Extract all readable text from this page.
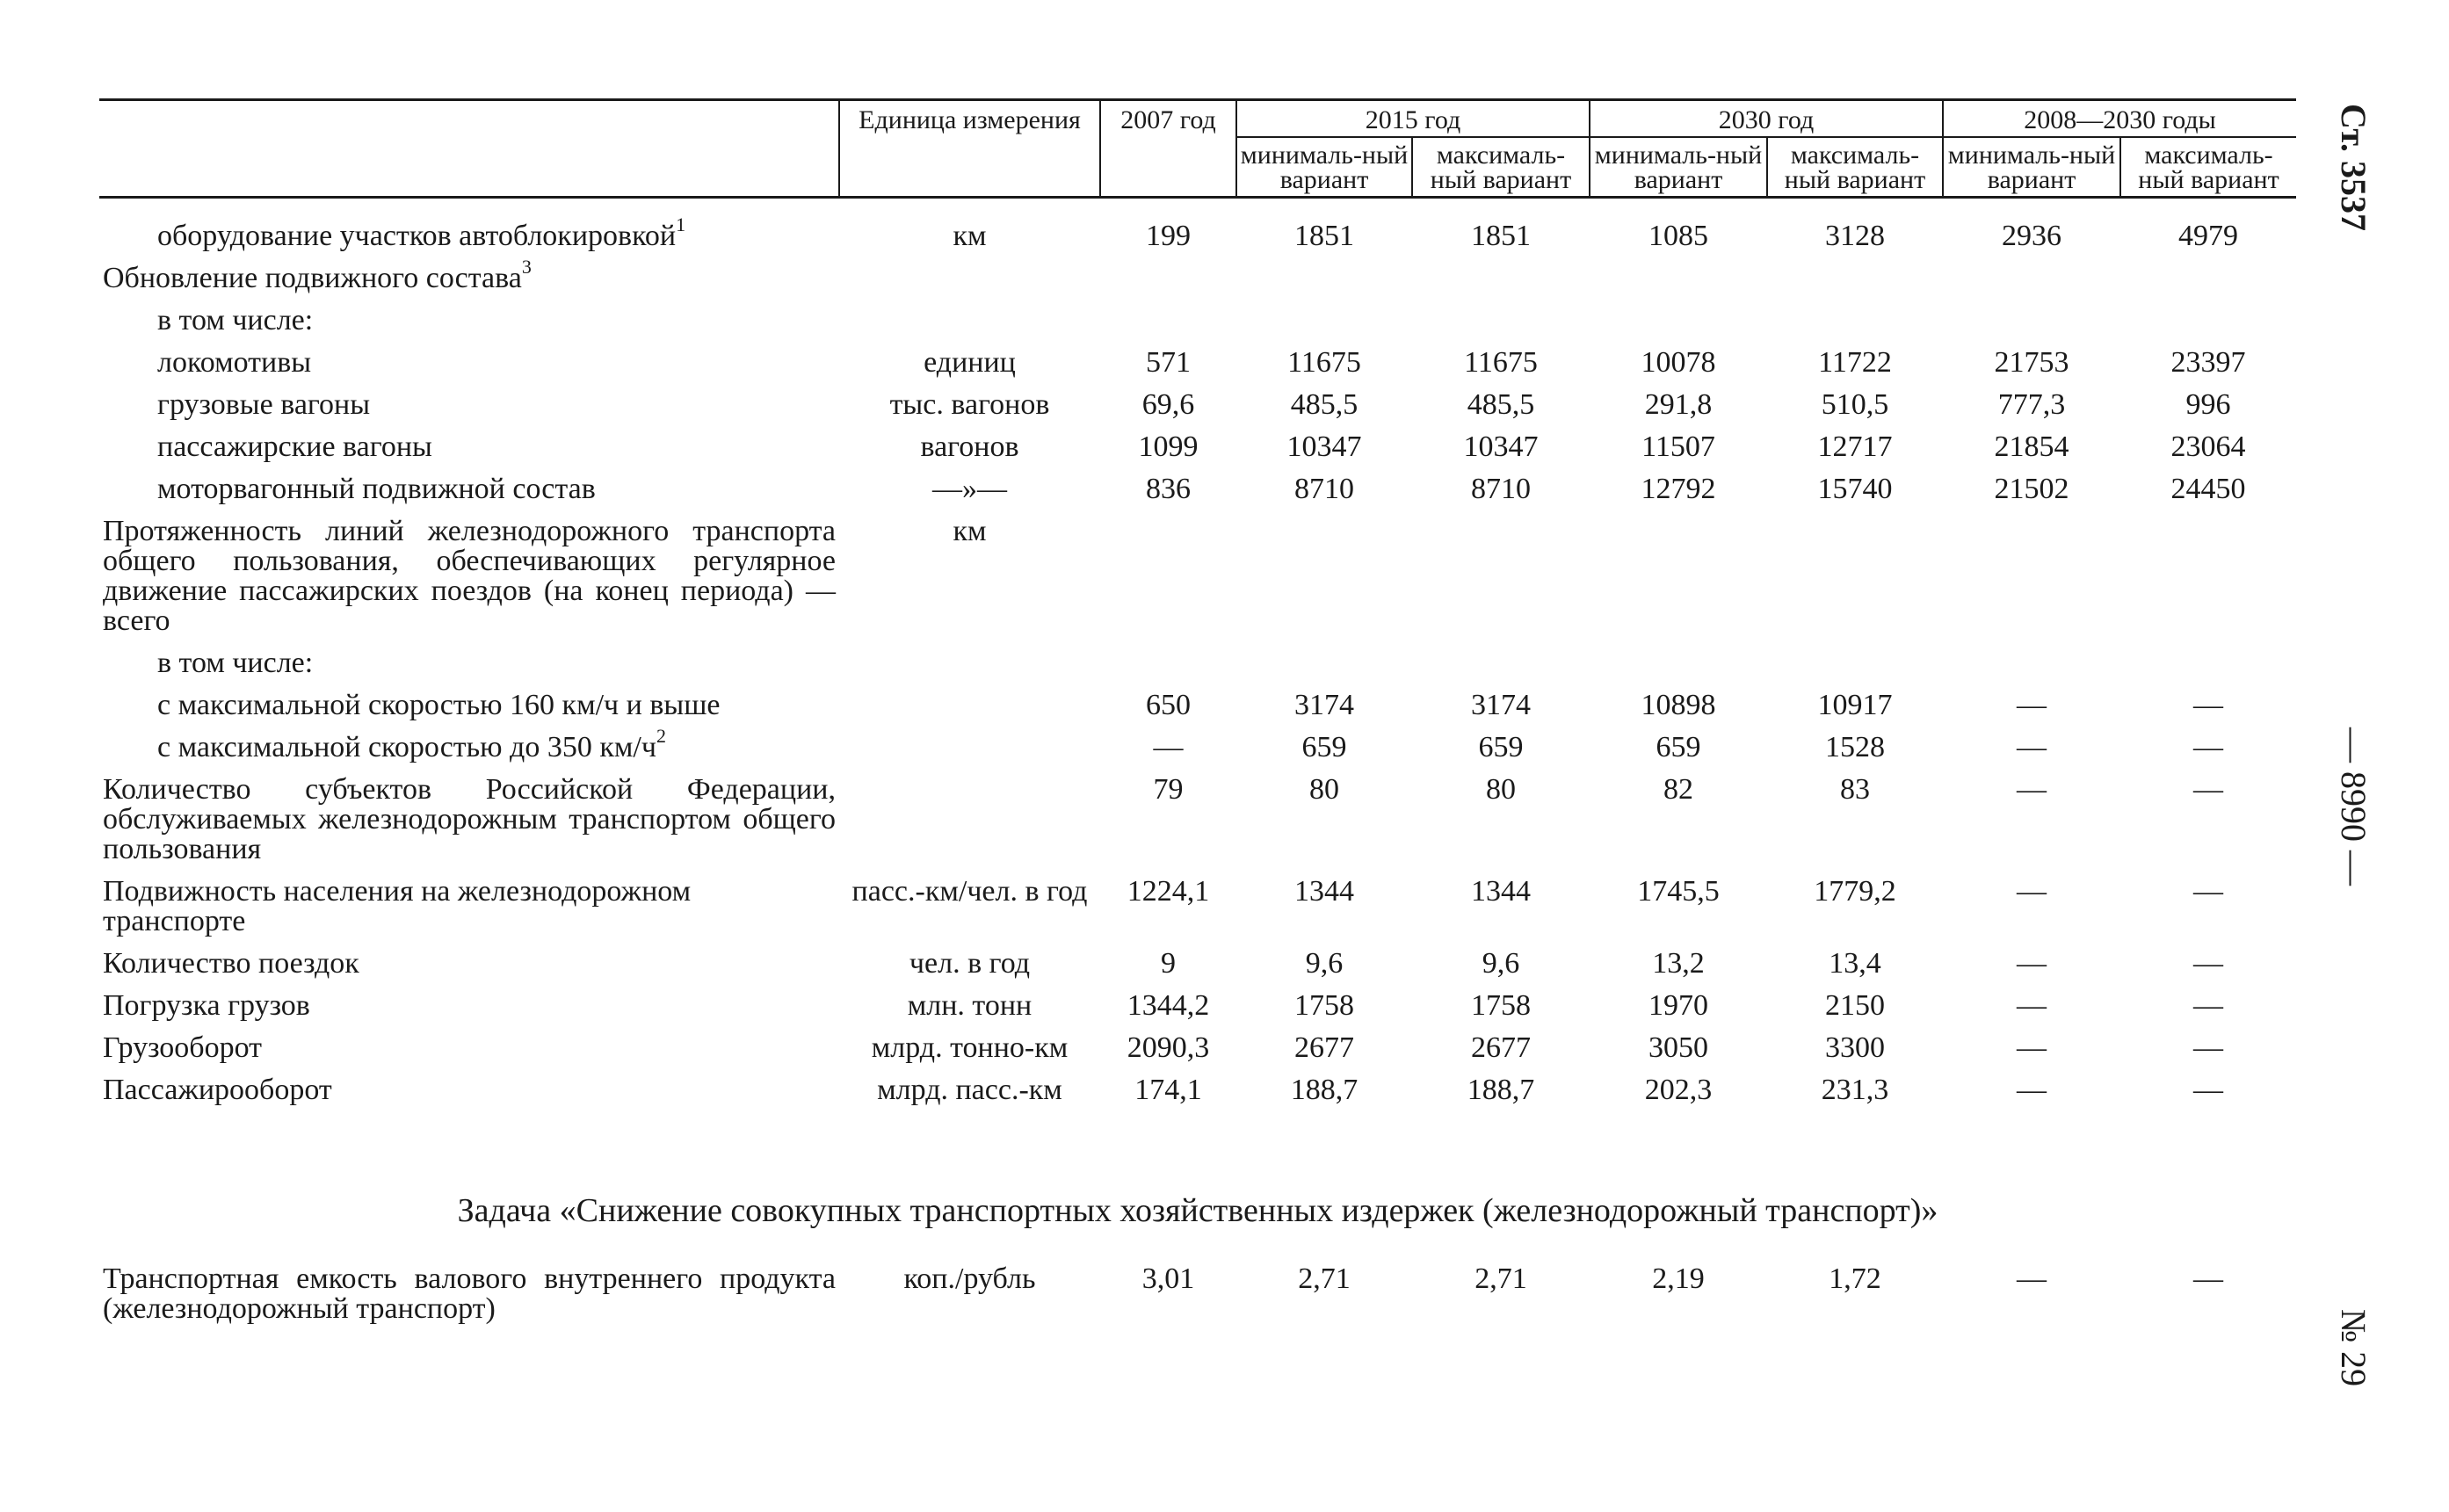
	Единица измерения	2007 год	2015 год		2030 год		2008—2030 годы	
			минималь-ный вариант	максималь-ный вариант	минималь-ный вариант	максималь-ный вариант	минималь-ный вариант	максималь-ный вариант
оборудование участков автоблокировкой$^1$	км	199	1851	1851	1085	3128	2936	4979
Обновление подвижного состава$^3$								
в том числе:								
локомотивы	единиц	571	11675	11675	10078	11722	21753	23397
грузовые вагоны	тыс. вагонов	69,6	485,5	485,5	291,8	510,5	777,3	996
пассажирские вагоны	вагонов	1099	10347	10347	11507	12717	21854	23064
моторвагонный подвижной состав	—»—	836	8710	8710	12792	15740	21502	24450
Протяженность линий железнодорожного транспорта общего пользования, обеспечивающих регулярное движение пассажирских поездов (на конец периода) — всего	км							
в том числе:								
с максимальной скоростью 160 км/ч и выше		650	3174	3174	10898	10917	—	—
с максимальной скоростью до 350 $км/ч^2$		—	659	659	659	1528	—	—
Количество субъектов Российской Федерации, обслуживаемых железнодорожным транспортом общего пользования		79	80	80	82	83	—	—
Подвижность населения на железнодорожном транспорте	пасс.-км/чел. в год	1224,1	1344	1344	1745,5	1779,2	—	—
Количество поездок	чел. в год	9	9,6	9,6	13,2	13,4	—	—
Погрузка грузов	млн. тонн	1344,2	1758	1758	1970	2150	—	—
Грузооборот	млрд. тонно-км	2090,3	2677	2677	3050	3300	—	—
Пассажирооборот	млрд. пасс.-км	174,1	188,7	188,7	202,3	231,3	—	—
Задача «Снижение совокупных транспортных хозяйственных издержек (железнодорожный транспорт)»
Транспортная емкость валового внутреннего продукта (железнодорожный транспорт)	коп./рубль	3,01	2,71	2,71	2,19	1,72	—	—
Ст. 3537
— 8990 —
№ 29
